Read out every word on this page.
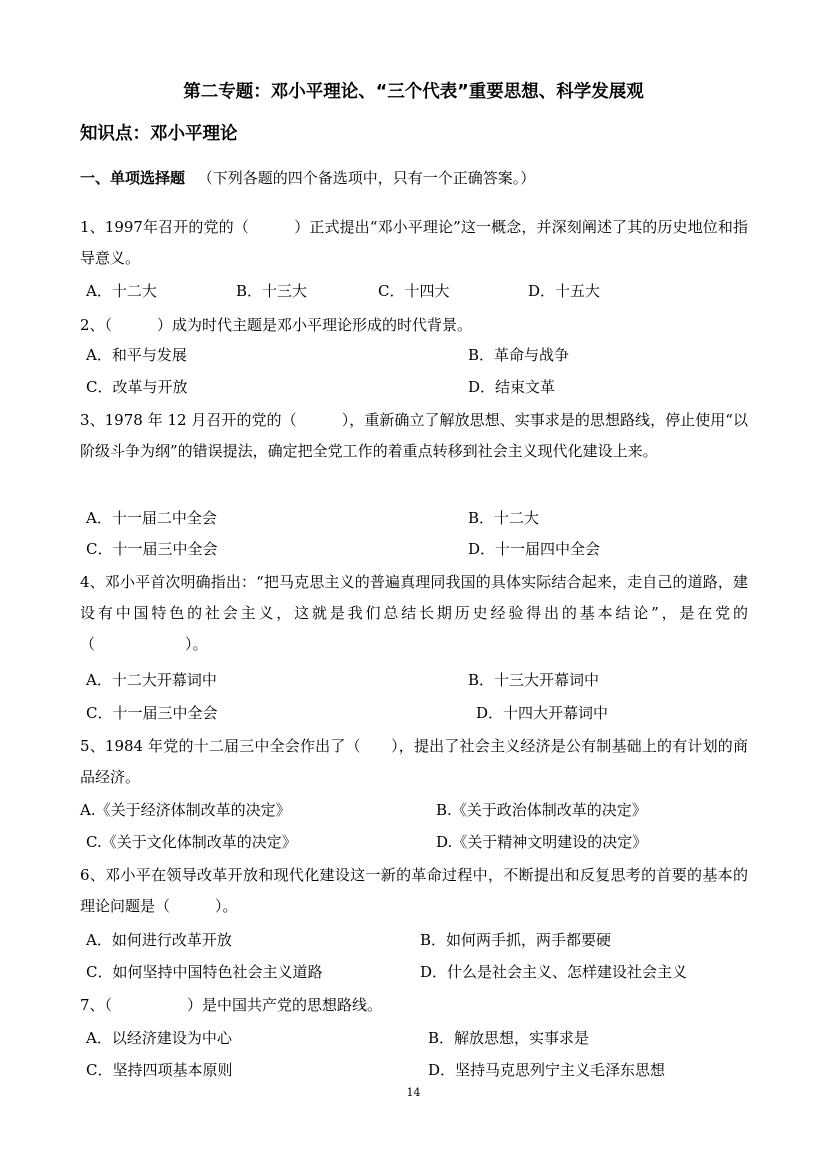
第二专题：邓小平理论、“三个代表”重要思想、科学发展观
知识点：邓小平理论
一、单项选择题 （下列各题的四个备选项中，只有一个正确答案。）
1、1997年召开的党的（　　　）正式提出“邓小平理论”这一概念，并深刻阐述了其的历史地位和指导意义。
A．十二大	B．十三大	C．十四大	D．十五大
2、（　　　）成为时代主题是邓小平理论形成的时代背景。
A．和平与发展	B．革命与战争
C．改革与开放	D．结束文革
3、1978 年 12 月召开的党的（　　　），重新确立了解放思想、实事求是的思想路线，停止使用“以阶级斗争为纲”的错误提法，确定把全党工作的着重点转移到社会主义现代化建设上来。
A．十一届二中全会	B．十二大
C．十一届三中全会	D．十一届四中全会
4、邓小平首次明确指出：“把马克思主义的普遍真理同我国的具体实际结合起来，走自己的道路，建设有中国特色的社会主义，这就是我们总结长期历史经验得出的基本结论”，是在党的（　　　　　　）。
A．十二大开幕词中	B．十三大开幕词中
C．十一届三中全会	D．十四大开幕词中
5、1984 年党的十二届三中全会作出了（　　），提出了社会主义经济是公有制基础上的有计划的商品经济。
A.《关于经济体制改革的决定》	B.《关于政治体制改革的决定》
C.《关于文化体制改革的决定》	D.《关于精神文明建设的决定》
6、邓小平在领导改革开放和现代化建设这一新的革命过程中，不断提出和反复思考的首要的基本的理论问题是（　　　）。
A．如何进行改革开放	B．如何两手抓，两手都要硬
C．如何坚持中国特色社会主义道路	D．什么是社会主义、怎样建设社会主义
7、（　　　　　）是中国共产党的思想路线。
A．以经济建设为中心	B．解放思想，实事求是
C．坚持四项基本原则	D．坚持马克思列宁主义毛泽东思想
14
